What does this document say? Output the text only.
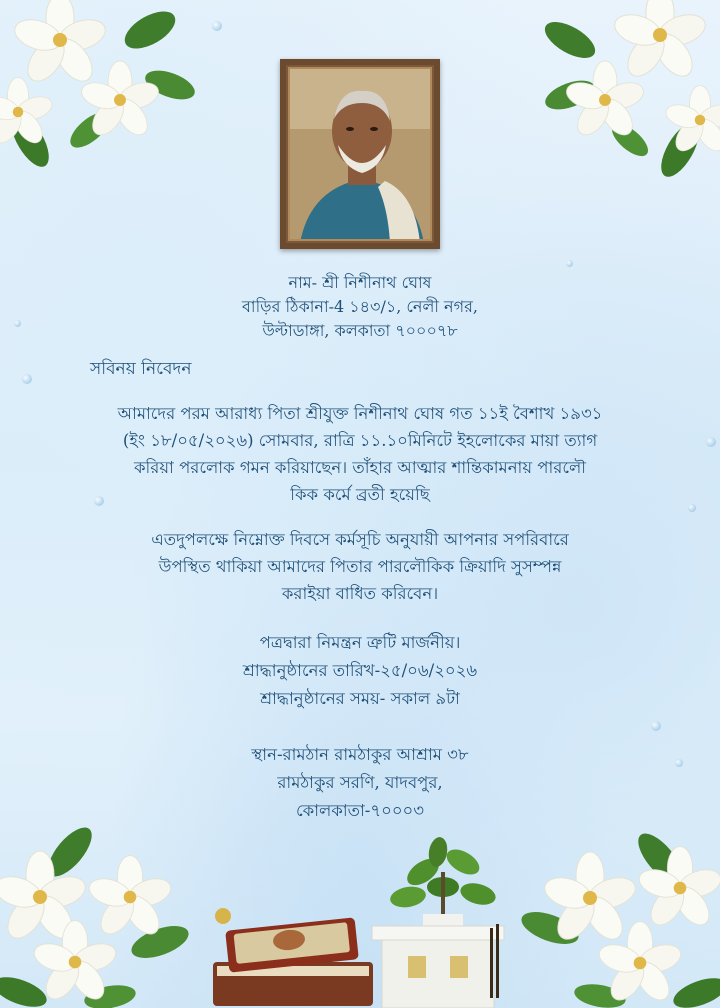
নাম- শ্রী নিশীনাথ ঘোষ

বাড়ির ঠিকানা-4 ১৪৩/১, নেলী নগর,

উল্টাডাঙ্গা, কলকাতা ৭০০০৭৮

সবিনয় নিবেদন

আমাদের পরম আরাধ্য পিতা শ্রীযুক্ত নিশীনাথ ঘোষ গত ১১ই বৈশাখ ১৯৩১

(ইং ১৮/০৫/২০২৬) সোমবার, রাত্রি ১১.১০মিনিটে ইহলোকের মায়া ত্যাগ

করিয়া পরলোক গমন করিয়াছেন। তাঁহার আত্মার শান্তিকামনায় পারলৌ

কিক কর্মে ব্রতী হয়েছি

এতদুপলক্ষে নিম্নোক্ত দিবসে কর্মসূচি অনুযায়ী আপনার সপরিবারে

উপস্থিত থাকিয়া আমাদের পিতার পারলৌকিক ক্রিয়াদি সুসম্পন্ন

করাইয়া বাধিত করিবেন।

পত্রদ্বারা নিমন্ত্রন ত্রুটি মার্জনীয়।

শ্রাদ্ধানুষ্ঠানের তারিখ-২৫/০৬/২০২৬

শ্রাদ্ধানুষ্ঠানের সময়- সকাল ৯টা

স্থান-রামঠান রামঠাকুর আশ্রাম ৩৮

রামঠাকুর সরণি, যাদবপুর,

কোলকাতা-৭০০০৩
